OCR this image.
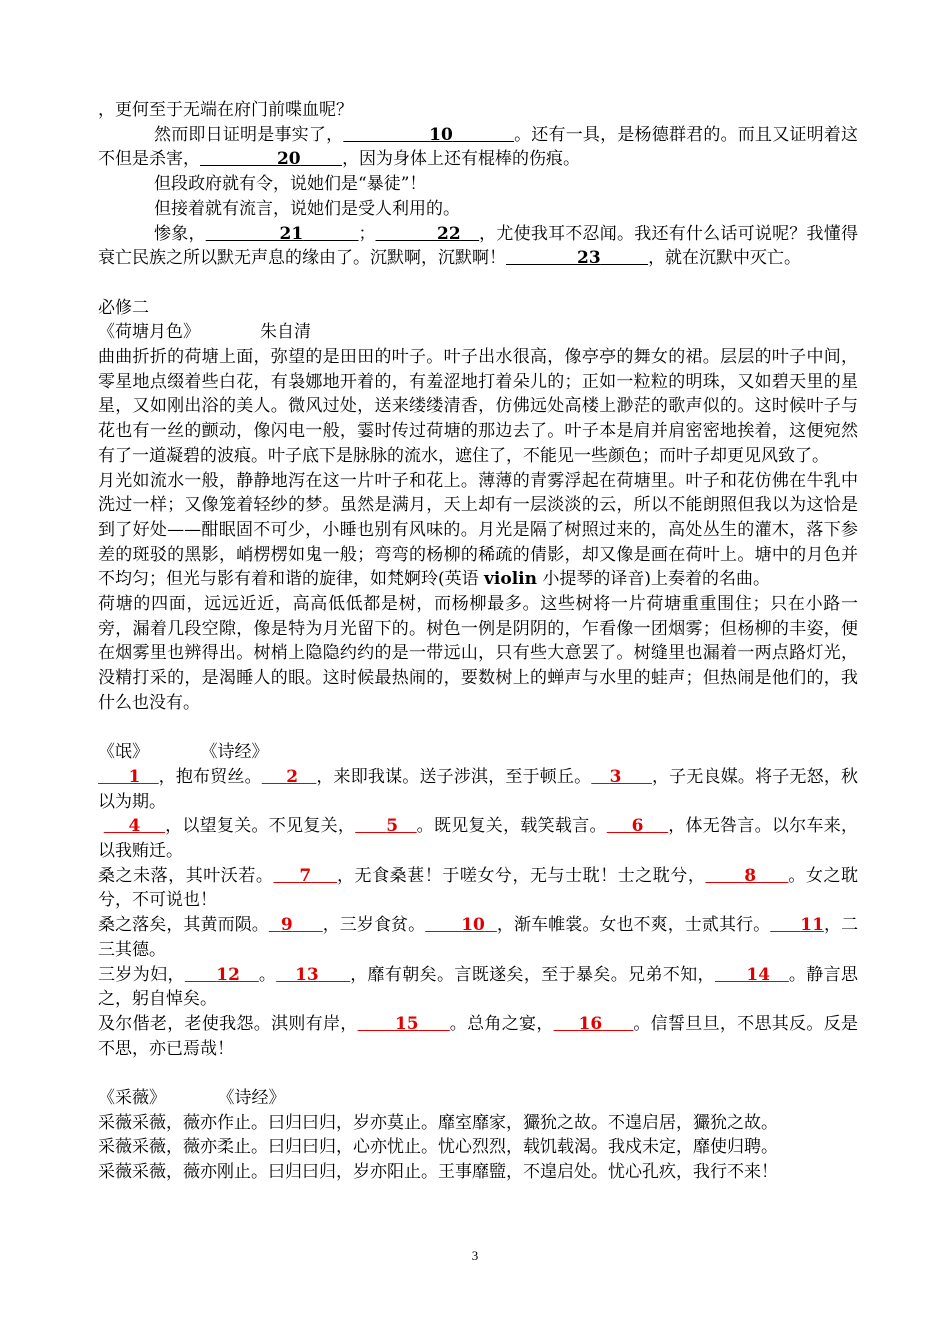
，更何至于无端在府门前喋血呢？

然而即日证明是事实了，	10	。还有一具，是杨德群君的。而且又证明着这不但是杀害，	20 ，因为身体上还有棍棒的伤痕。

但段政府就有令，说她们是“暴徒”！

但接着就有流言，说她们是受人利用的。

惨象，	21	；	22 ，尤使我耳不忍闻。我还有什么话可说呢？我懂得衰亡民族之所以默无声息的缘由了。沉默啊，沉默啊！	23	，就在沉默中灭亡。

必修二

《荷塘月色》	朱自清

曲曲折折的荷塘上面，弥望的是田田的叶子。叶子出水很高，像亭亭的舞女的裙。层层的叶子中间，零星地点缀着些白花，有袅娜地开着的，有羞涩地打着朵儿的；正如一粒粒的明珠，又如碧天里的星星，又如刚出浴的美人。微风过处，送来缕缕清香，仿佛远处高楼上渺茫的歌声似的。这时候叶子与花也有一丝的颤动，像闪电一般，霎时传过荷塘的那边去了。叶子本是肩并肩密密地挨着，这便宛然有了一道凝碧的波痕。叶子底下是脉脉的流水，遮住了，不能见一些颜色；而叶子却更见风致了。

月光如流水一般，静静地泻在这一片叶子和花上。薄薄的青雾浮起在荷塘里。叶子和花仿佛在牛乳中洗过一样；又像笼着轻纱的梦。虽然是满月，天上却有一层淡淡的云，所以不能朗照但我以为这恰是到了好处——酣眠固不可少，小睡也别有风味的。月光是隔了树照过来的，高处丛生的灌木，落下参差的斑驳的黑影，峭楞楞如鬼一般；弯弯的杨柳的稀疏的倩影，却又像是画在荷叶上。塘中的月色并不均匀；但光与影有着和谐的旋律，如梵婀玲(英语 violin 小提琴的译音)上奏着的名曲。

荷塘的四面，远远近近，高高低低都是树，而杨柳最多。这些树将一片荷塘重重围住；只在小路一旁，漏着几段空隙，像是特为月光留下的。树色一例是阴阴的，乍看像一团烟雾；但杨柳的丰姿，便在烟雾里也辨得出。树梢上隐隐约约的是一带远山，只有些大意罢了。树缝里也漏着一两点路灯光，没精打采的，是渴睡人的眼。这时候最热闹的，要数树上的蝉声与水里的蛙声；但热闹是他们的，我什么也没有。

《氓》	《诗经》

1 ，抱布贸丝。 2 ，来即我谋。送子涉淇，至于顿丘。 3 ，子无良媒。将子无怒，秋以为期。

4 ，以望复关。不见复关， 5 。既见复关，载笑载言。 6 ，体无咎言。以尔车来，以我贿迁。

桑之未落，其叶沃若。 7 ，无食桑葚！于嗟女兮，无与士耽！士之耽兮， 8 。女之耽兮，不可说也！

桑之落矣，其黄而陨。 9 ，三岁食贫。 10 ，渐车帷裳。女也不爽，士贰其行。 11，二三其德。

三岁为妇， 12 。 13 ，靡有朝矣。言既遂矣，至于暴矣。兄弟不知， 14 。静言思之，躬自悼矣。

及尔偕老，老使我怨。淇则有岸， 15 。总角之宴， 16 。信誓旦旦，不思其反。反是不思，亦已焉哉！

《采薇》	《诗经》

采薇采薇，薇亦作止。曰归曰归，岁亦莫止。靡室靡家，玁狁之故。不遑启居，玁狁之故。

采薇采薇，薇亦柔止。曰归曰归，心亦忧止。忧心烈烈，载饥载渴。我戍未定，靡使归聘。

采薇采薇，薇亦刚止。曰归曰归，岁亦阳止。王事靡盬，不遑启处。忧心孔疚，我行不来！

3
